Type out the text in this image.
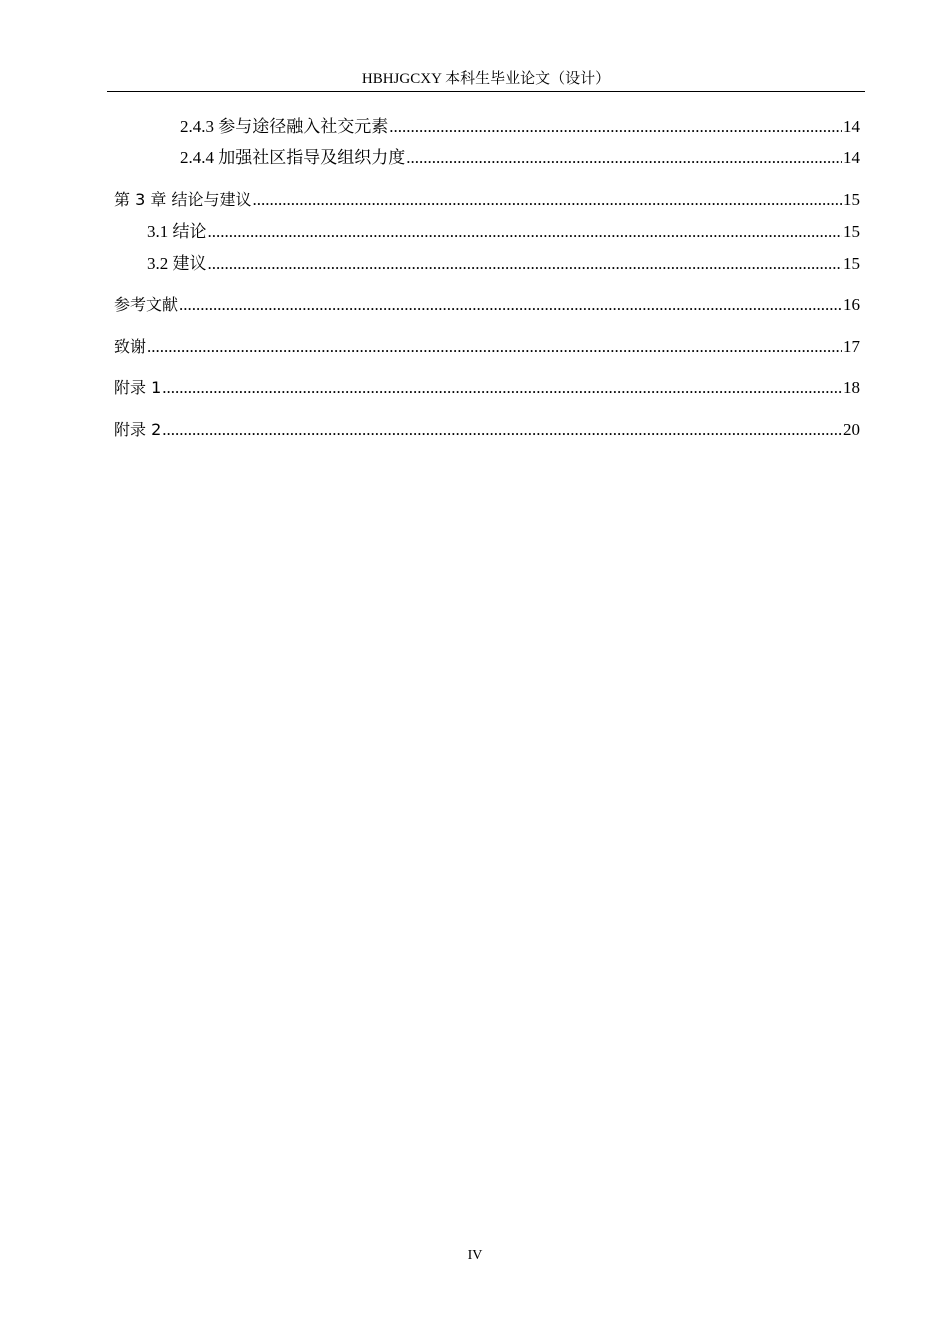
HBHJGCXY 本科生毕业论文（设计）
2.4.3 参与途径融入社交元素 .....	14
2.4.4 加强社区指导及组织力度 .....	14
第 3 章 结论与建议 .....	15
3.1 结论 .....	15
3.2 建议 .....	15
参考文献 .....	16
致谢 .....	17
附录 1 .....	18
附录 2 .....	20
IV
